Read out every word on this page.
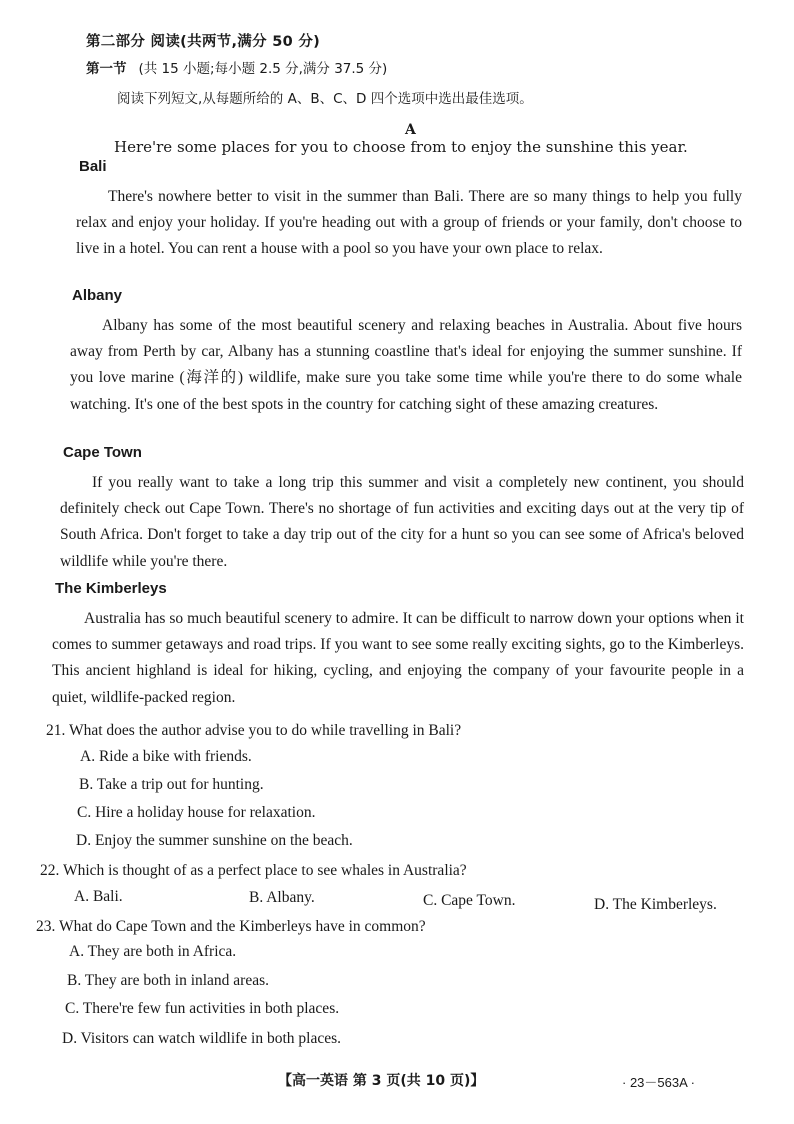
第二部分 阅读(共两节,满分 50 分)
第一节 (共 15 小题;每小题 2.5 分,满分 37.5 分)
阅读下列短文,从每题所给的 A、B、C、D 四个选项中选出最佳选项。
A
Here're some places for you to choose from to enjoy the sunshine this year.
Bali
There's nowhere better to visit in the summer than Bali. There are so many things to help you fully relax and enjoy your holiday. If you're heading out with a group of friends or your family, don't choose to live in a hotel. You can rent a house with a pool so you have your own place to relax.
Albany
Albany has some of the most beautiful scenery and relaxing beaches in Australia. About five hours away from Perth by car, Albany has a stunning coastline that's ideal for enjoying the summer sunshine. If you love marine (海洋的) wildlife, make sure you take some time while you're there to do some whale watching. It's one of the best spots in the country for catching sight of these amazing creatures.
Cape Town
If you really want to take a long trip this summer and visit a completely new continent, you should definitely check out Cape Town. There's no shortage of fun activities and exciting days out at the very tip of South Africa. Don't forget to take a day trip out of the city for a hunt so you can see some of Africa's beloved wildlife while you're there.
The Kimberleys
Australia has so much beautiful scenery to admire. It can be difficult to narrow down your options when it comes to summer getaways and road trips. If you want to see some really exciting sights, go to the Kimberleys. This ancient highland is ideal for hiking, cycling, and enjoying the company of your favourite people in a quiet, wildlife-packed region.
21. What does the author advise you to do while travelling in Bali?
A. Ride a bike with friends.
B. Take a trip out for hunting.
C. Hire a holiday house for relaxation.
D. Enjoy the summer sunshine on the beach.
22. Which is thought of as a perfect place to see whales in Australia?
A. Bali.	B. Albany.	C. Cape Town.	D. The Kimberleys.
23. What do Cape Town and the Kimberleys have in common?
A. They are both in Africa.
B. They are both in inland areas.
C. There're few fun activities in both places.
D. Visitors can watch wildlife in both places.
【高一英语 第 3 页(共 10 页)】	· 23－563A ·
